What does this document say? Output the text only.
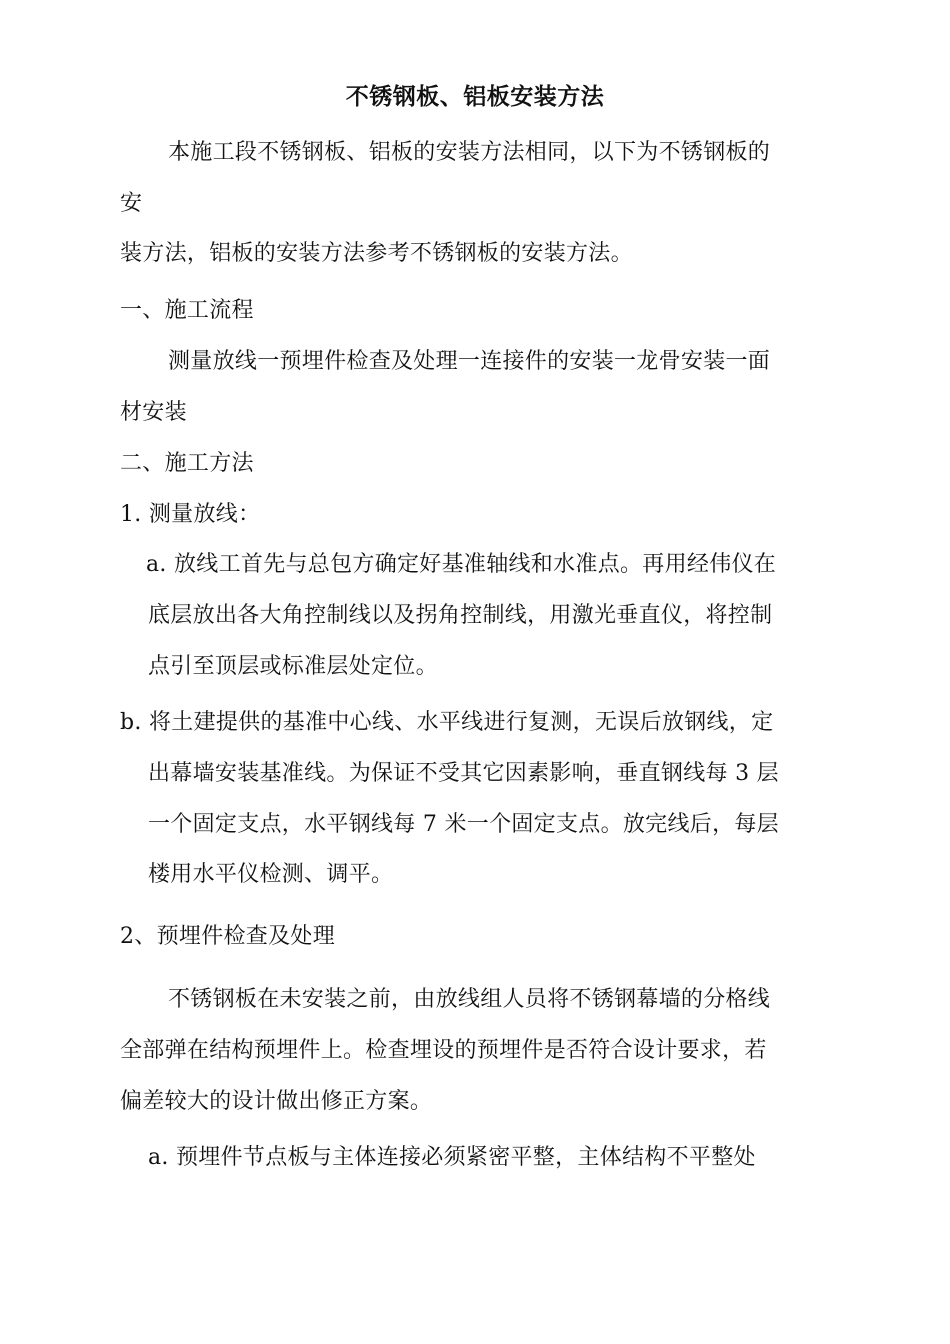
不锈钢板、铝板安装方法
本施工段不锈钢板、铝板的安装方法相同，以下为不锈钢板的
安
装方法，铝板的安装方法参考不锈钢板的安装方法。
一、施工流程
测量放线一预埋件检查及处理一连接件的安装一龙骨安装一面
材安装
二、施工方法
1. 测量放线：
a. 放线工首先与总包方确定好基准轴线和水准点。再用经伟仪在
底层放出各大角控制线以及拐角控制线，用激光垂直仪，将控制
点引至顶层或标准层处定位。
b. 将土建提供的基准中心线、水平线进行复测，无误后放钢线，定
出幕墙安装基准线。为保证不受其它因素影响，垂直钢线每 3 层
一个固定支点，水平钢线每 7 米一个固定支点。放完线后，每层
楼用水平仪检测、调平。
2、预埋件检查及处理
不锈钢板在未安装之前，由放线组人员将不锈钢幕墙的分格线
全部弹在结构预埋件上。检查埋设的预埋件是否符合设计要求，若
偏差较大的设计做出修正方案。
a. 预埋件节点板与主体连接必须紧密平整，主体结构不平整处
